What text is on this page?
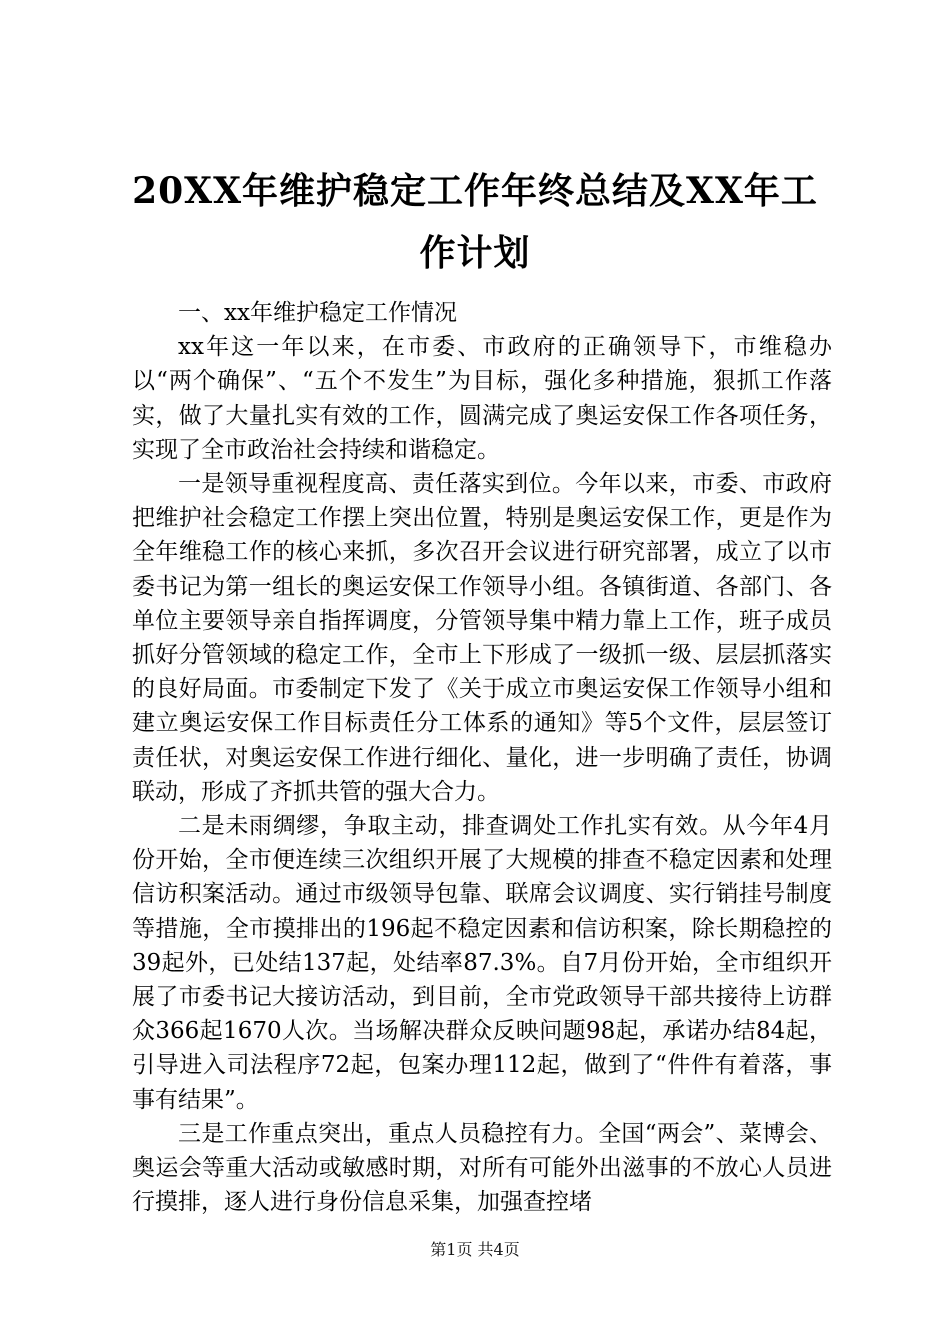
20XX年维护稳定工作年终总结及XX年工作计划

一、xx年维护稳定工作情况

xx年这一年以来，在市委、市政府的正确领导下，市维稳办以“两个确保”、“五个不发生”为目标，强化多种措施，狠抓工作落实，做了大量扎实有效的工作，圆满完成了奥运安保工作各项任务，实现了全市政治社会持续和谐稳定。

一是领导重视程度高、责任落实到位。今年以来，市委、市政府把维护社会稳定工作摆上突出位置，特别是奥运安保工作，更是作为全年维稳工作的核心来抓，多次召开会议进行研究部署，成立了以市委书记为第一组长的奥运安保工作领导小组。各镇街道、各部门、各单位主要领导亲自指挥调度，分管领导集中精力靠上工作，班子成员抓好分管领域的稳定工作，全市上下形成了一级抓一级、层层抓落实的良好局面。市委制定下发了《关于成立市奥运安保工作领导小组和建立奥运安保工作目标责任分工体系的通知》等5个文件，层层签订责任状，对奥运安保工作进行细化、量化，进一步明确了责任，协调联动，形成了齐抓共管的强大合力。

二是未雨绸缪，争取主动，排查调处工作扎实有效。从今年4月份开始，全市便连续三次组织开展了大规模的排查不稳定因素和处理信访积案活动。通过市级领导包靠、联席会议调度、实行销挂号制度等措施，全市摸排出的196起不稳定因素和信访积案，除长期稳控的39起外，已处结137起，处结率87.3%。自7月份开始，全市组织开展了市委书记大接访活动，到目前，全市党政领导干部共接待上访群众366起1670人次。当场解决群众反映问题98起，承诺办结84起，引导进入司法程序72起，包案办理112起，做到了“件件有着落，事事有结果”。

三是工作重点突出，重点人员稳控有力。全国“两会”、菜博会、奥运会等重大活动或敏感时期，对所有可能外出滋事的不放心人员进行摸排，逐人进行身份信息采集，加强查控堵

第1页 共4页
